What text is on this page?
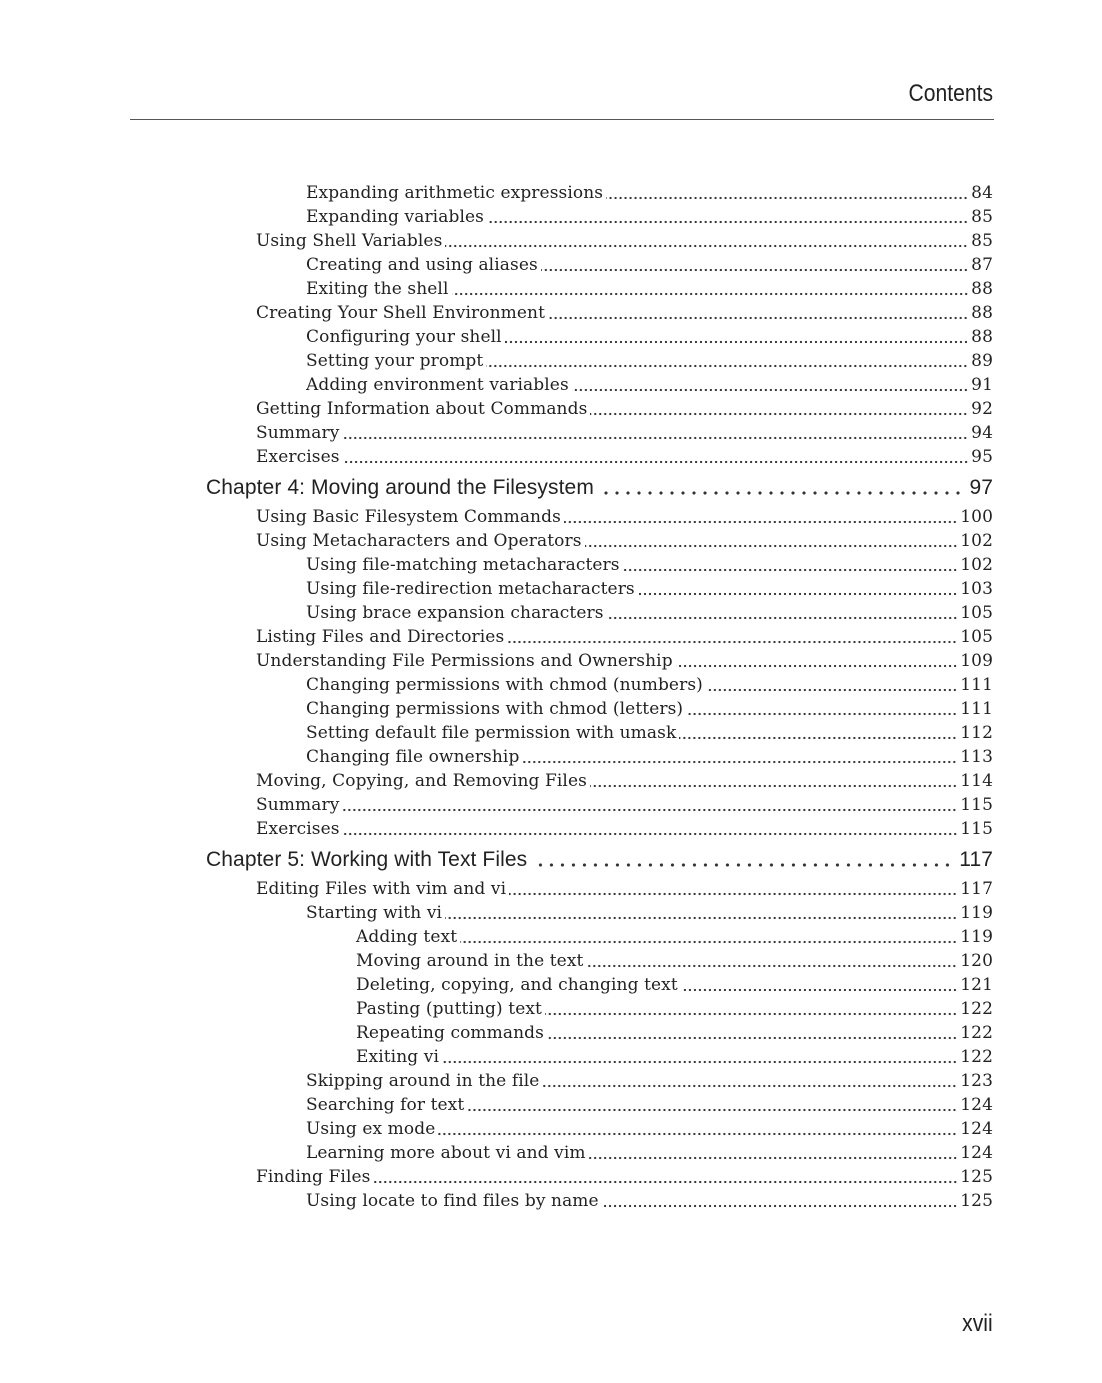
Contents
Expanding arithmetic expressions	84
Expanding variables	85
Using Shell Variables	85
Creating and using aliases	87
Exiting the shell	88
Creating Your Shell Environment	88
Configuring your shell	88
Setting your prompt	89
Adding environment variables	91
Getting Information about Commands	92
Summary	94
Exercises	95
Chapter 4: Moving around the Filesystem	97
Using Basic Filesystem Commands	100
Using Metacharacters and Operators	102
Using file-matching metacharacters	102
Using file-redirection metacharacters	103
Using brace expansion characters	105
Listing Files and Directories	105
Understanding File Permissions and Ownership	109
Changing permissions with chmod (numbers)	111
Changing permissions with chmod (letters)	111
Setting default file permission with umask	112
Changing file ownership	113
Moving, Copying, and Removing Files	114
Summary	115
Exercises	115
Chapter 5: Working with Text Files	117
Editing Files with vim and vi	117
Starting with vi	119
Adding text	119
Moving around in the text	120
Deleting, copying, and changing text	121
Pasting (putting) text	122
Repeating commands	122
Exiting vi	122
Skipping around in the file	123
Searching for text	124
Using ex mode	124
Learning more about vi and vim	124
Finding Files	125
Using locate to find files by name	125
xvii
